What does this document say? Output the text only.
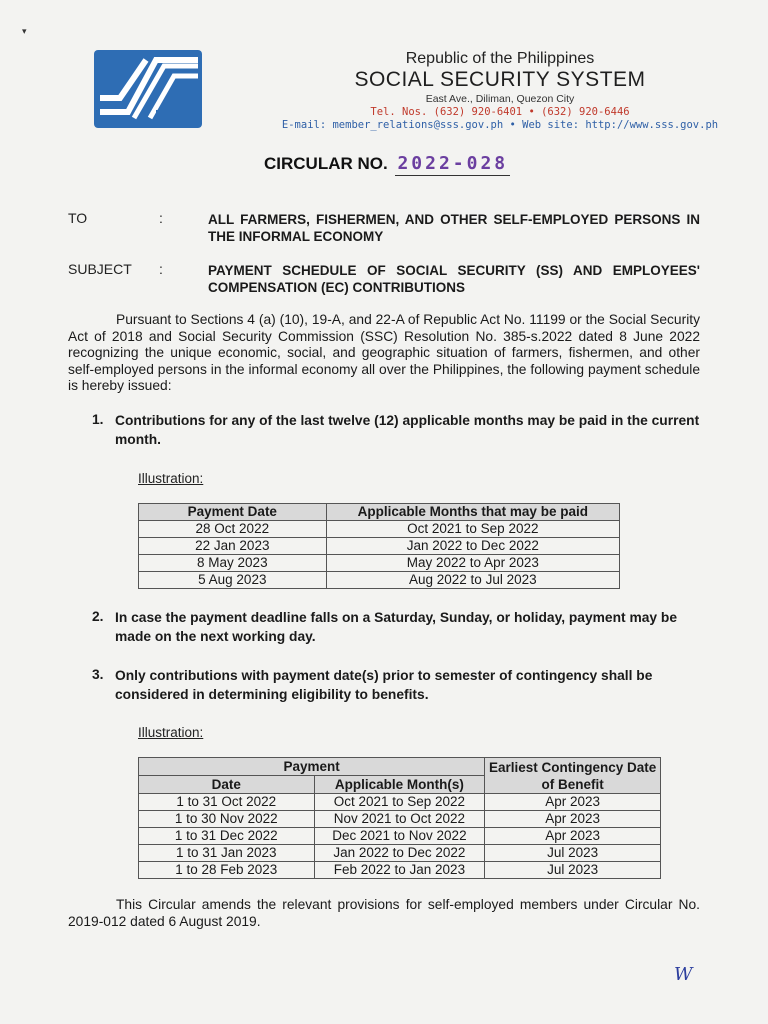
▾
Republic of the Philippines
SOCIAL SECURITY SYSTEM
East Ave., Diliman, Quezon City
Tel. Nos. (632) 920-6401 • (632) 920-6446
E-mail: member_relations@sss.gov.ph • Web site: http://www.sss.gov.ph
CIRCULAR NO. 2022-028
TO	:	ALL FARMERS, FISHERMEN, AND OTHER SELF-EMPLOYED PERSONS IN THE INFORMAL ECONOMY
SUBJECT :	PAYMENT SCHEDULE OF SOCIAL SECURITY (SS) AND EMPLOYEES' COMPENSATION (EC) CONTRIBUTIONS
Pursuant to Sections 4 (a) (10), 19-A, and 22-A of Republic Act No. 11199 or the Social Security Act of 2018 and Social Security Commission (SSC) Resolution No. 385-s.2022 dated 8 June 2022 recognizing the unique economic, social, and geographic situation of farmers, fishermen, and other self-employed persons in the informal economy all over the Philippines, the following payment schedule is hereby issued:
1. Contributions for any of the last twelve (12) applicable months may be paid in the current month.
Illustration:
Payment Date	Applicable Months that may be paid
28 Oct 2022	Oct 2021 to Sep 2022
22 Jan 2023	Jan 2022 to Dec 2022
8 May 2023	May 2022 to Apr 2023
5 Aug 2023	Aug 2022 to Jul 2023
2. In case the payment deadline falls on a Saturday, Sunday, or holiday, payment may be made on the next working day.
3. Only contributions with payment date(s) prior to semester of contingency shall be considered in determining eligibility to benefits.
Illustration:
Payment		Earliest Contingency Date of Benefit
Date	Applicable Month(s)	
1 to 31 Oct 2022	Oct 2021 to Sep 2022	Apr 2023
1 to 30 Nov 2022	Nov 2021 to Oct 2022	Apr 2023
1 to 31 Dec 2022	Dec 2021 to Nov 2022	Apr 2023
1 to 31 Jan 2023	Jan 2022 to Dec 2022	Jul 2023
1 to 28 Feb 2023	Feb 2022 to Jan 2023	Jul 2023
This Circular amends the relevant provisions for self-employed members under Circular No. 2019-012 dated 6 August 2019.
W
